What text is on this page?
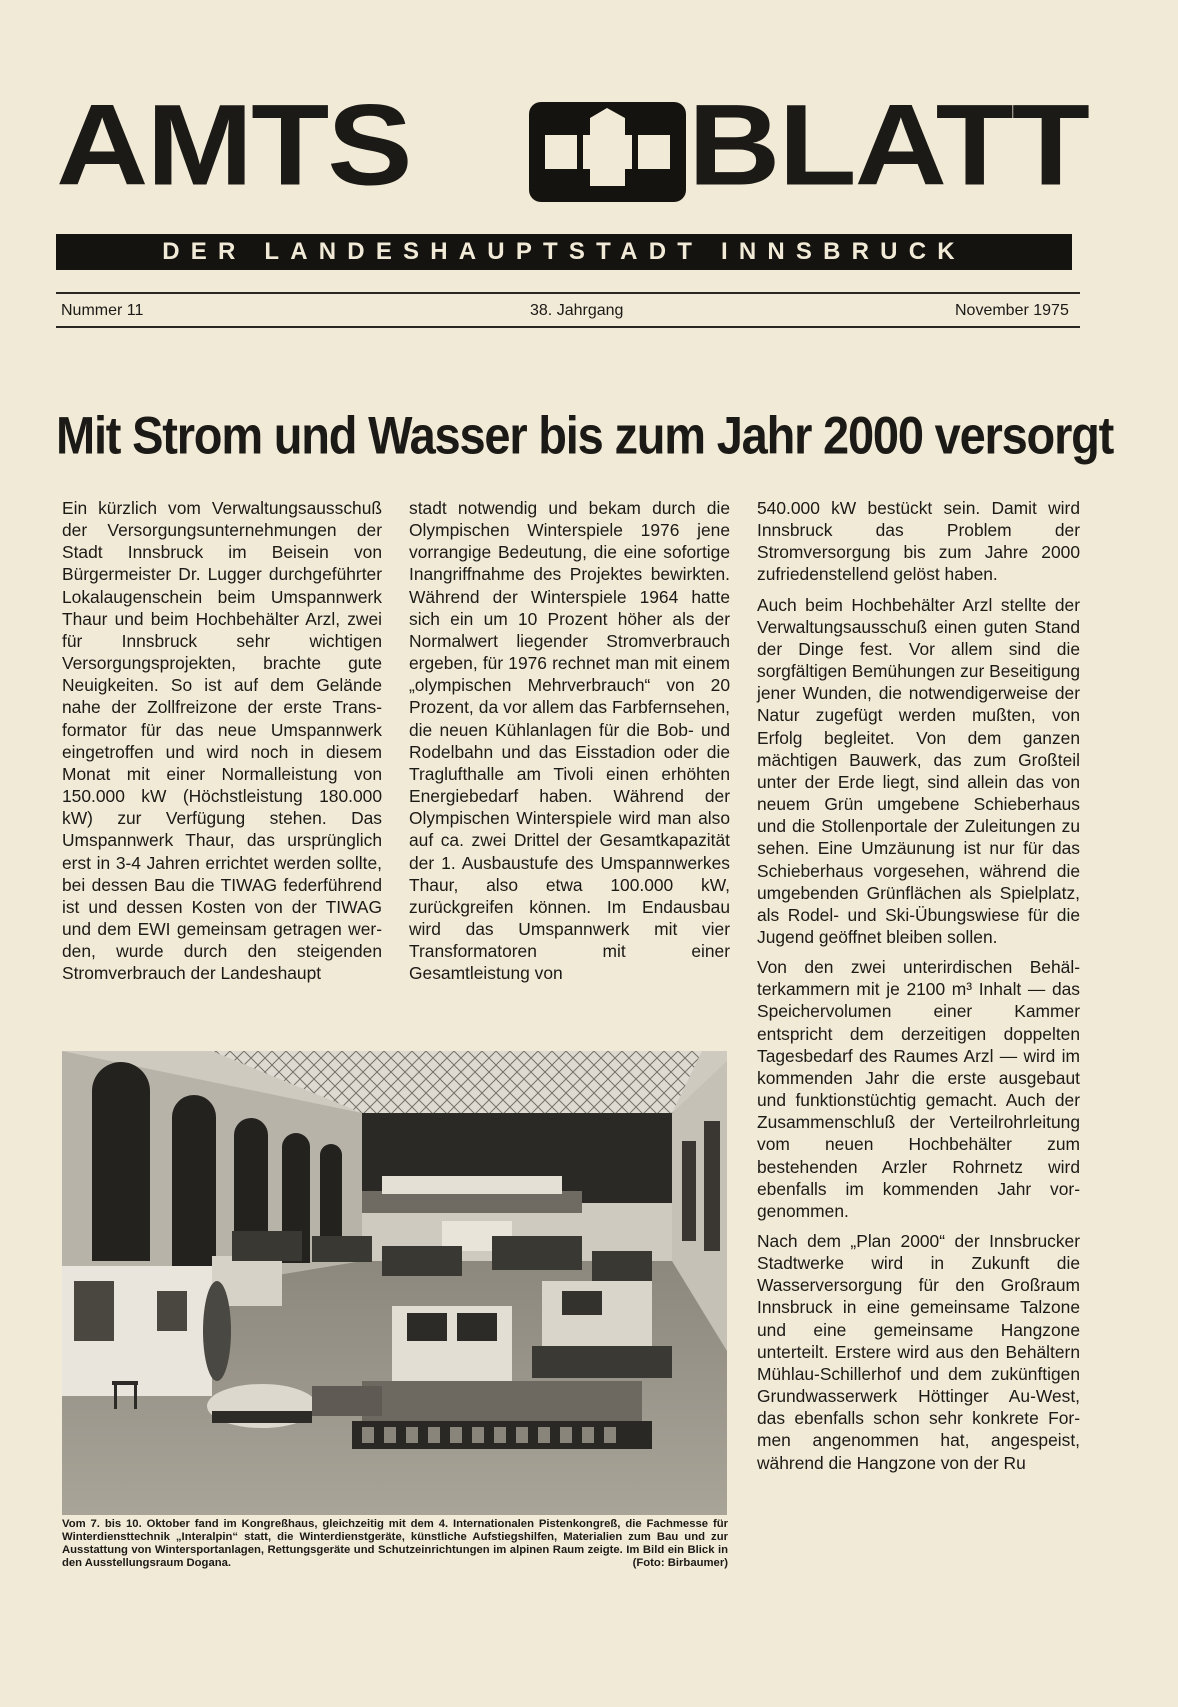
AMTS BLATT
DER LANDESHAUPTSTADT INNSBRUCK
Nummer 11	38. Jahrgang	November 1975
Mit Strom und Wasser bis zum Jahr 2000 versorgt

Ein kürzlich vom Verwaltungsausschuß der Versorgungsunternehmungen der Stadt Innsbruck im Beisein von Bürgermeister Dr. Lugger durchgeführter Lokalaugenschein beim Umspannwerk Thaur und beim Hochbehälter Arzl, zwei für Innsbruck sehr wichtigen Versorgungsprojekten, brachte gute Neuigkeiten. So ist auf dem Gelände nahe der Zollfreizone der erste Transformator für das neue Umspannwerk eingetroffen und wird noch in diesem Monat mit einer Normalleistung von 150.000 kW (Höchstleistung 180.000 kW) zur Verfügung stehen. Das Umspannwerk Thaur, das ursprünglich erst in 3-4 Jahren errichtet werden sollte, bei dessen Bau die TIWAG federführend ist und dessen Kosten von der TIWAG und dem EWI gemeinsam getragen werden, wurde durch den steigenden Stromverbrauch der Landeshaupt

stadt notwendig und bekam durch die Olympischen Winterspiele 1976 jene vorrangige Bedeutung, die eine sofortige Inangriffnahme des Projektes bewirkten. Während der Winterspiele 1964 hatte sich ein um 10 Prozent höher als der Normalwert liegender Stromverbrauch ergeben, für 1976 rechnet man mit einem „olympischen Mehrverbrauch“ von 20 Prozent, da vor allem das Farbfernsehen, die neuen Kühlanlagen für die Bob- und Rodelbahn und das Eisstadion oder die Traglufthalle am Tivoli einen erhöhten Energiebedarf haben. Während der Olympischen Winterspiele wird man also auf ca. zwei Drittel der Gesamtkapazität der 1. Ausbaustufe des Umspannwerkes Thaur, also etwa 100.000 kW, zurückgreifen können. Im Endausbau wird das Umspannwerk mit vier Transformatoren mit einer Gesamtleistung von

540.000 kW bestückt sein. Damit wird Innsbruck das Problem der Stromversorgung bis zum Jahre 2000 zufriedenstellend gelöst haben.

Auch beim Hochbehälter Arzl stellte der Verwaltungsausschuß einen guten Stand der Dinge fest. Vor allem sind die sorgfältigen Bemühungen zur Beseitigung jener Wunden, die notwendigerweise der Natur zugefügt werden mußten, von Erfolg begleitet. Von dem ganzen mächtigen Bauwerk, das zum Großteil unter der Erde liegt, sind allein das von neuem Grün umgebene Schieberhaus und die Stollenportale der Zuleitungen zu sehen. Eine Umzäunung ist nur für das Schieberhaus vorgesehen, während die umgebenden Grünflächen als Spielplatz, als Rodel- und Ski-Übungswiese für die Jugend geöffnet bleiben sollen.

Von den zwei unterirdischen Behälterkammern mit je 2100 m³ Inhalt — das Speichervolumen einer Kammer entspricht dem derzeitigen doppelten Tagesbedarf des Raumes Arzl — wird im kommenden Jahr die erste ausgebaut und funktionstüchtig gemacht. Auch der Zusammenschluß der Verteilrohrleitung vom neuen Hochbehälter zum bestehenden Arzler Rohrnetz wird ebenfalls im kommenden Jahr vorgenommen.

Nach dem „Plan 2000“ der Innsbrucker Stadtwerke wird in Zukunft die Wasserversorgung für den Großraum Innsbruck in eine gemeinsame Talzone und eine gemeinsame Hangzone unterteilt. Erstere wird aus den Behältern Mühlau-Schillerhof und dem zukünftigen Grundwasserwerk Höttinger Au-West, das ebenfalls schon sehr konkrete Formen angenommen hat, angespeist, während die Hangzone von der Ru

Vom 7. bis 10. Oktober fand im Kongreßhaus, gleichzeitig mit dem 4. Internationalen Pistenkongreß, die Fachmesse für Winterdiensttechnik „Interalpin“ statt, die Winterdienstgeräte, künstliche Aufstiegshilfen, Materialien zum Bau und zur Ausstattung von Wintersportanlagen, Rettungsgeräte und Schutzeinrichtungen im alpinen Raum zeigte. Im Bild ein Blick in den Ausstellungsraum Dogana.	(Foto: Birbaumer)
